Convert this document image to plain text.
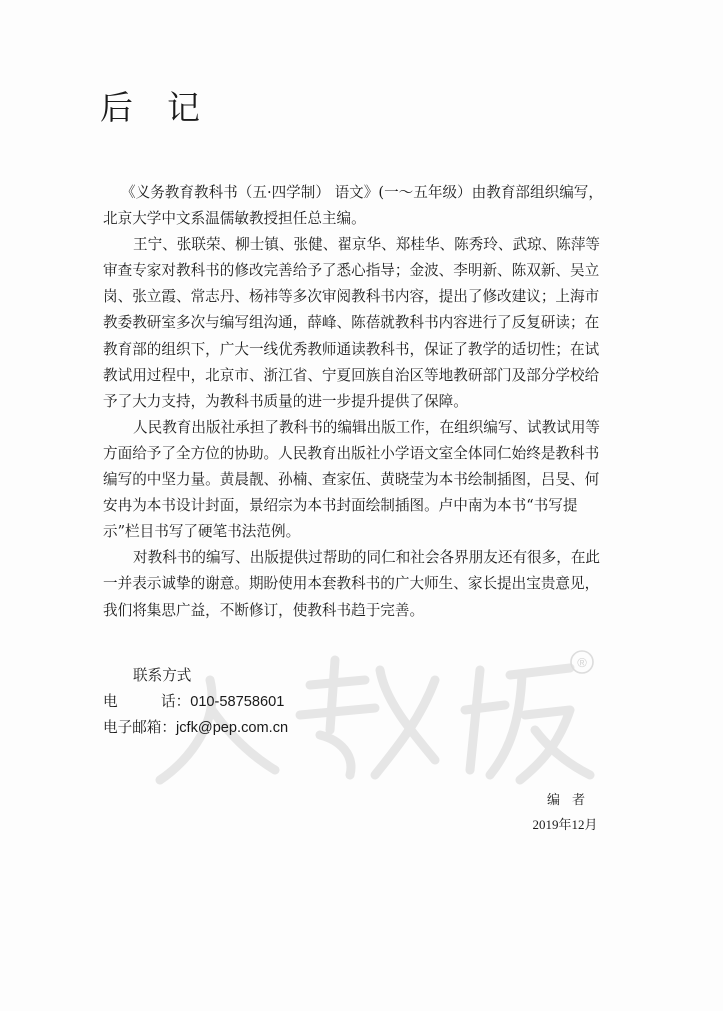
后 记
《义务教育教科书（五·四学制） 语文》(一～五年级）由教育部组织编写，
北京大学中文系温儒敏教授担任总主编。
王宁、张联荣、柳士镇、张健、翟京华、郑桂华、陈秀玲、武琼、陈萍等
审查专家对教科书的修改完善给予了悉心指导；金波、李明新、陈双新、吴立
岗、张立霞、常志丹、杨祎等多次审阅教科书内容，提出了修改建议；上海市
教委教研室多次与编写组沟通，薛峰、陈蓓就教科书内容进行了反复研读；在
教育部的组织下，广大一线优秀教师通读教科书，保证了教学的适切性；在试
教试用过程中，北京市、浙江省、宁夏回族自治区等地教研部门及部分学校给
予了大力支持，为教科书质量的进一步提升提供了保障。
人民教育出版社承担了教科书的编辑出版工作，在组织编写、试教试用等
方面给予了全方位的协助。人民教育出版社小学语文室全体同仁始终是教科书
编写的中坚力量。黄晨靓、孙楠、查家伍、黄晓莹为本书绘制插图，吕旻、何
安冉为本书设计封面，景绍宗为本书封面绘制插图。卢中南为本书“书写提
示”栏目书写了硬笔书法范例。
对教科书的编写、出版提供过帮助的同仁和社会各界朋友还有很多，在此
一并表示诚挚的谢意。期盼使用本套教科书的广大师生、家长提出宝贵意见，
我们将集思广益，不断修订，使教科书趋于完善。
®
联系方式
电	话：010-58758601
电子邮箱：jcfk@pep.com.cn
编者
2019年12月
